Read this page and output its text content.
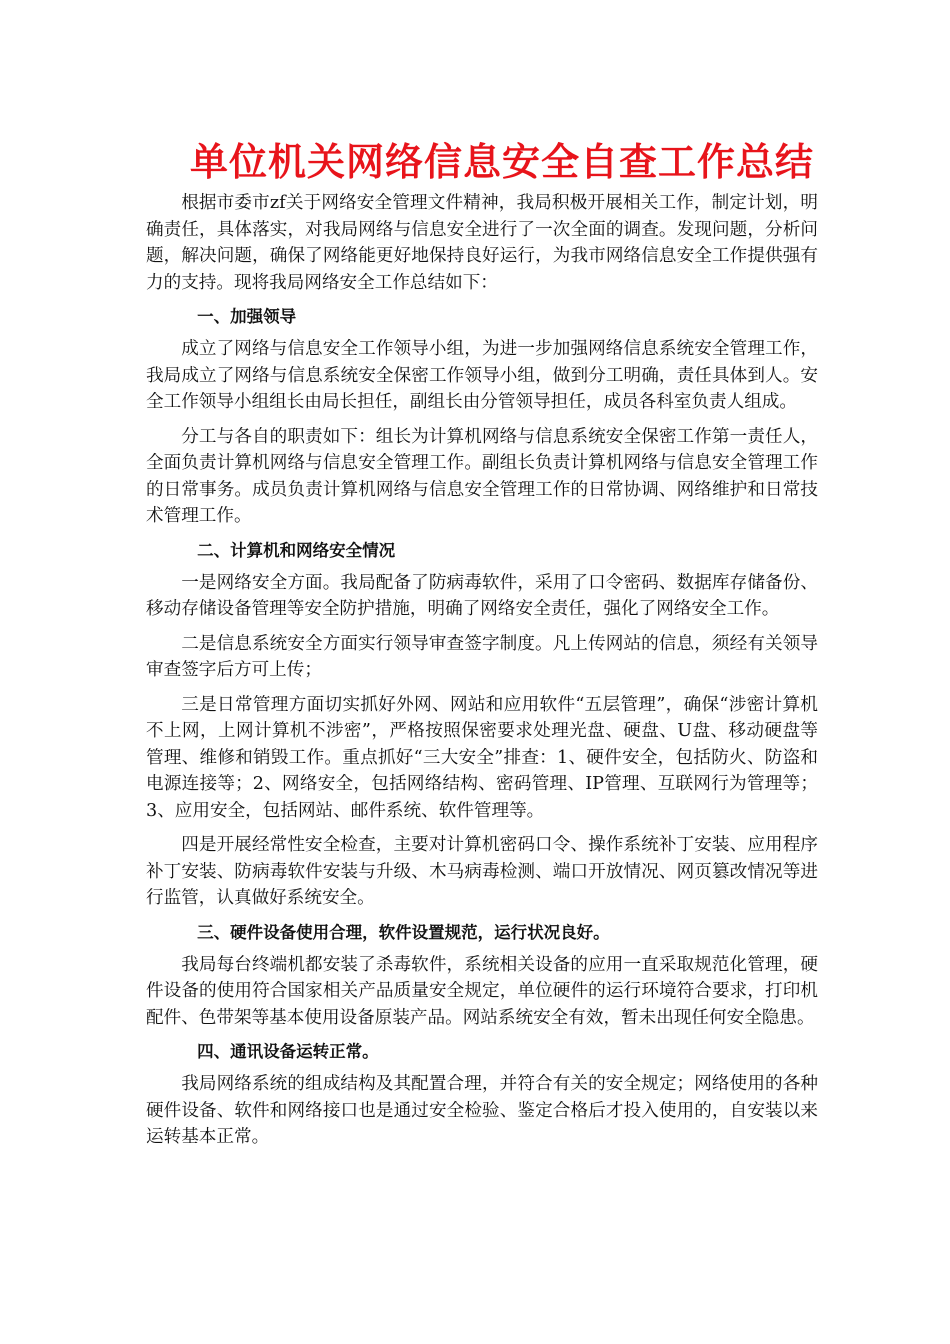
单位机关网络信息安全自查工作总结

根据市委市zf关于网络安全管理文件精神，我局积极开展相关工作，制定计划，明确责任，具体落实，对我局网络与信息安全进行了一次全面的调查。发现问题，分析问题，解决问题，确保了网络能更好地保持良好运行，为我市网络信息安全工作提供强有力的支持。现将我局网络安全工作总结如下：

一、加强领导

成立了网络与信息安全工作领导小组，为进一步加强网络信息系统安全管理工作，我局成立了网络与信息系统安全保密工作领导小组，做到分工明确，责任具体到人。安全工作领导小组组长由局长担任，副组长由分管领导担任，成员各科室负责人组成。

分工与各自的职责如下：组长为计算机网络与信息系统安全保密工作第一责任人，全面负责计算机网络与信息安全管理工作。副组长负责计算机网络与信息安全管理工作的日常事务。成员负责计算机网络与信息安全管理工作的日常协调、网络维护和日常技术管理工作。

二、计算机和网络安全情况

一是网络安全方面。我局配备了防病毒软件，采用了口令密码、数据库存储备份、移动存储设备管理等安全防护措施，明确了网络安全责任，强化了网络安全工作。

二是信息系统安全方面实行领导审查签字制度。凡上传网站的信息，须经有关领导审查签字后方可上传；

三是日常管理方面切实抓好外网、网站和应用软件“五层管理”，确保“涉密计算机不上网，上网计算机不涉密”，严格按照保密要求处理光盘、硬盘、U盘、移动硬盘等管理、维修和销毁工作。重点抓好“三大安全”排查：1、硬件安全，包括防火、防盗和电源连接等；2、网络安全，包括网络结构、密码管理、IP管理、互联网行为管理等；3、应用安全，包括网站、邮件系统、软件管理等。

四是开展经常性安全检查，主要对计算机密码口令、操作系统补丁安装、应用程序补丁安装、防病毒软件安装与升级、木马病毒检测、端口开放情况、网页篡改情况等进行监管，认真做好系统安全。

三、硬件设备使用合理，软件设置规范，运行状况良好。

我局每台终端机都安装了杀毒软件，系统相关设备的应用一直采取规范化管理，硬件设备的使用符合国家相关产品质量安全规定，单位硬件的运行环境符合要求，打印机配件、色带架等基本使用设备原装产品。网站系统安全有效，暂未出现任何安全隐患。

四、通讯设备运转正常。

我局网络系统的组成结构及其配置合理，并符合有关的安全规定；网络使用的各种硬件设备、软件和网络接口也是通过安全检验、鉴定合格后才投入使用的，自安装以来运转基本正常。
